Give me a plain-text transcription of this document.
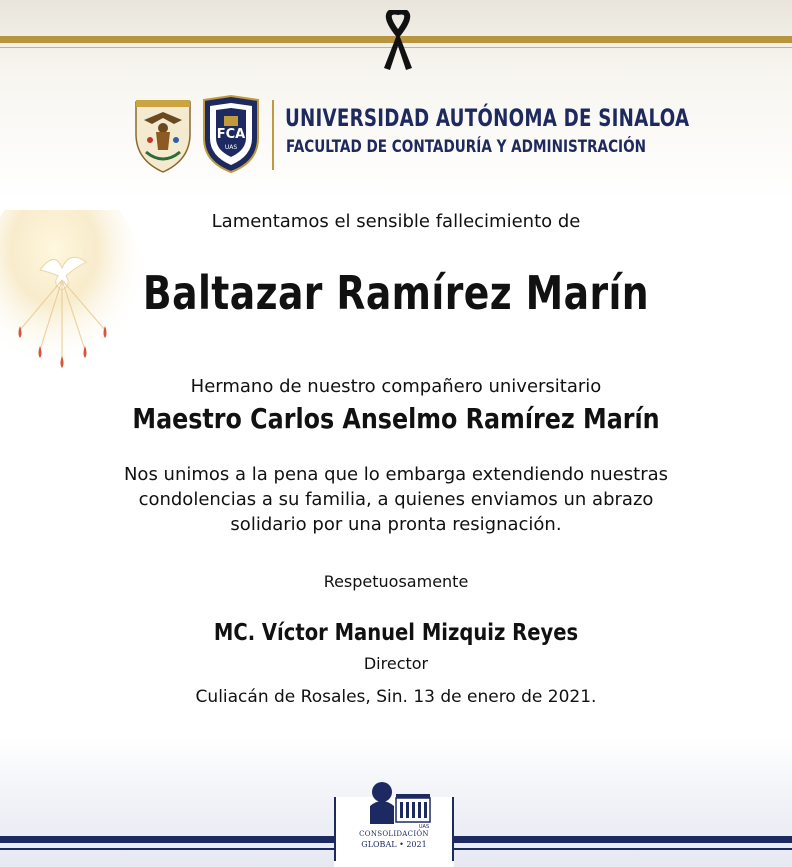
FCA
UAS
UNIVERSIDAD AUTÓNOMA DE SINALOA
FACULTAD DE CONTADURÍA Y ADMINISTRACIÓN
Lamentamos el sensible fallecimiento de
Baltazar Ramírez Marín
Hermano de nuestro compañero universitario
Maestro Carlos Anselmo Ramírez Marín
Nos unimos a la pena que lo embarga extendiendo nuestras
condolencias a su familia, a quienes enviamos un abrazo
solidario por una pronta resignación.
Respetuosamente
MC. Víctor Manuel Mizquiz Reyes
Director
Culiacán de Rosales, Sin. 13 de enero de 2021.
UAS
CONSOLIDACIÓN
GLOBAL • 2021
